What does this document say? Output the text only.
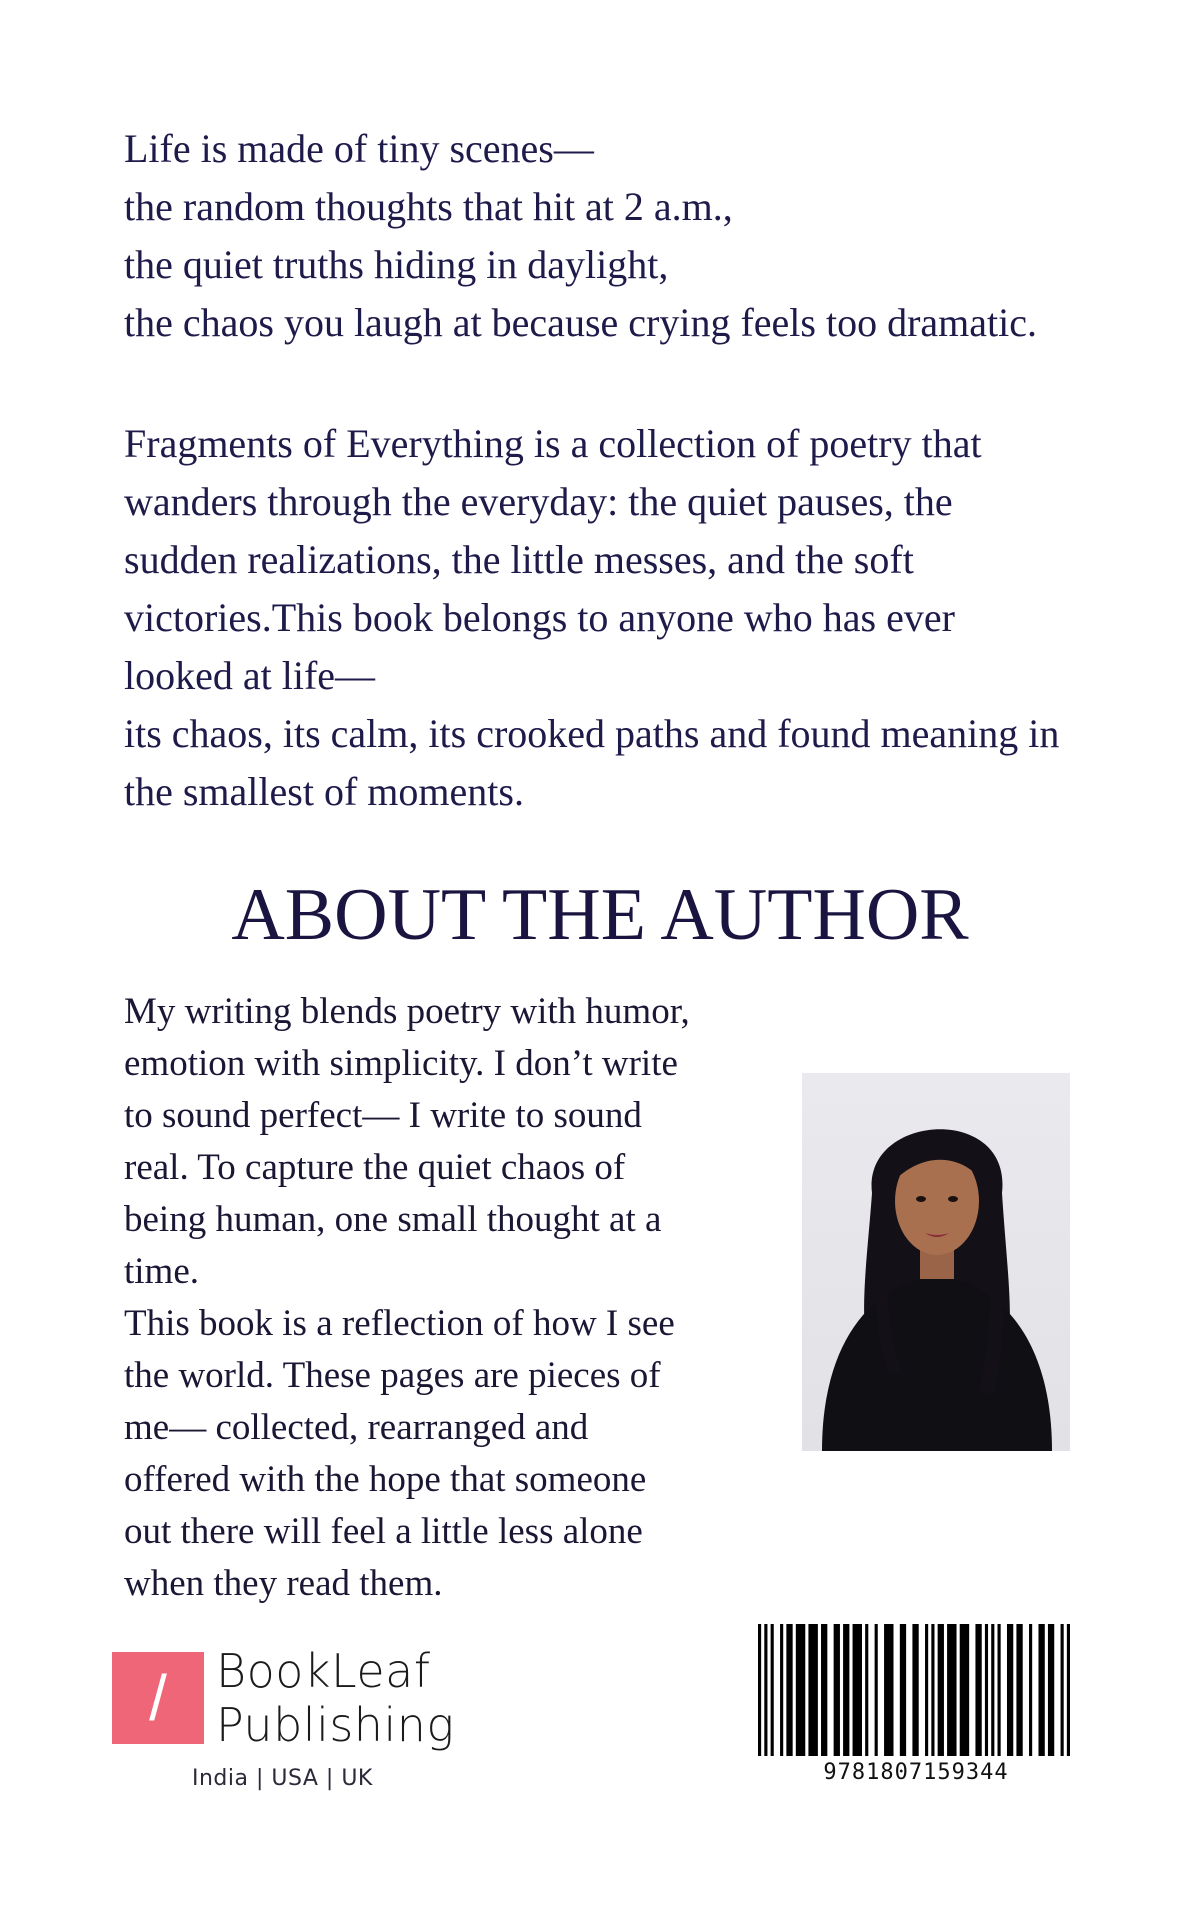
Life is made of tiny scenes—

the random thoughts that hit at 2 a.m.,

the quiet truths hiding in daylight,

the chaos you laugh at because crying feels too dramatic.

Fragments of Everything is a collection of poetry that

wanders through the everyday: the quiet pauses, the

sudden realizations, the little messes, and the soft

victories.This book belongs to anyone who has ever

looked at life—

its chaos, its calm, its crooked paths and found meaning in

the smallest of moments.

ABOUT THE AUTHOR

My writing blends poetry with humor,

emotion with simplicity. I don’t write

to sound perfect— I write to sound

real. To capture the quiet chaos of

being human, one small thought at a

time.

This book is a reflection of how I see

the world. These pages are pieces of

me— collected, rearranged and

offered with the hope that someone

out there will feel a little less alone

when they read them.

/	BookLeaf
Publishing
India | USA | UK	9781807159344
